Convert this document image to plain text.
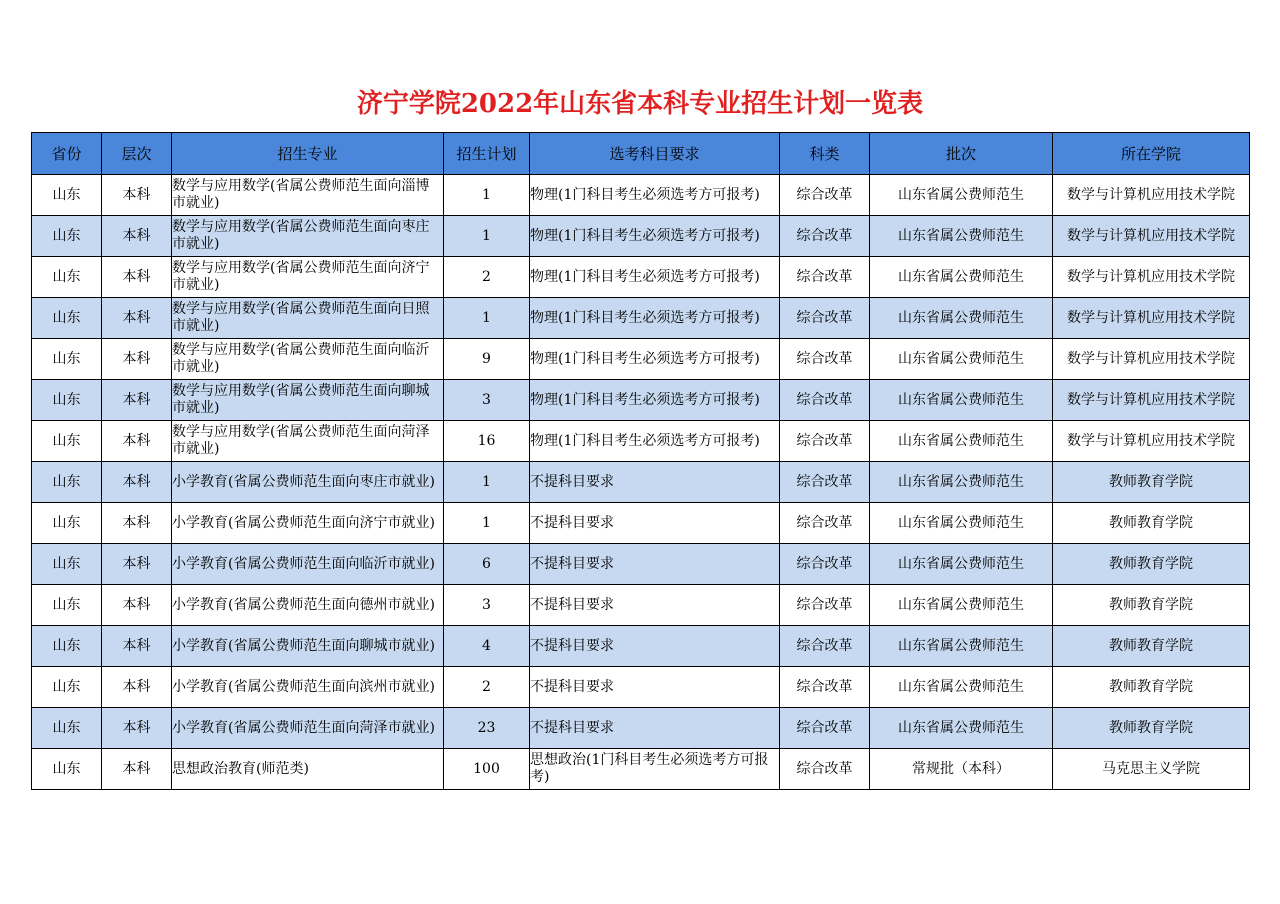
济宁学院2022年山东省本科专业招生计划一览表
省份	层次	招生专业	招生计划	选考科目要求	科类	批次	所在学院
山东	本科	数学与应用数学(省属公费师范生面向淄博市就业)	1	物理(1门科目考生必须选考方可报考)	综合改革	山东省属公费师范生	数学与计算机应用技术学院
山东	本科	数学与应用数学(省属公费师范生面向枣庄市就业)	1	物理(1门科目考生必须选考方可报考)	综合改革	山东省属公费师范生	数学与计算机应用技术学院
山东	本科	数学与应用数学(省属公费师范生面向济宁市就业)	2	物理(1门科目考生必须选考方可报考)	综合改革	山东省属公费师范生	数学与计算机应用技术学院
山东	本科	数学与应用数学(省属公费师范生面向日照市就业)	1	物理(1门科目考生必须选考方可报考)	综合改革	山东省属公费师范生	数学与计算机应用技术学院
山东	本科	数学与应用数学(省属公费师范生面向临沂市就业)	9	物理(1门科目考生必须选考方可报考)	综合改革	山东省属公费师范生	数学与计算机应用技术学院
山东	本科	数学与应用数学(省属公费师范生面向聊城市就业)	3	物理(1门科目考生必须选考方可报考)	综合改革	山东省属公费师范生	数学与计算机应用技术学院
山东	本科	数学与应用数学(省属公费师范生面向菏泽市就业)	16	物理(1门科目考生必须选考方可报考)	综合改革	山东省属公费师范生	数学与计算机应用技术学院
山东	本科	小学教育(省属公费师范生面向枣庄市就业)	1	不提科目要求	综合改革	山东省属公费师范生	教师教育学院
山东	本科	小学教育(省属公费师范生面向济宁市就业)	1	不提科目要求	综合改革	山东省属公费师范生	教师教育学院
山东	本科	小学教育(省属公费师范生面向临沂市就业)	6	不提科目要求	综合改革	山东省属公费师范生	教师教育学院
山东	本科	小学教育(省属公费师范生面向德州市就业)	3	不提科目要求	综合改革	山东省属公费师范生	教师教育学院
山东	本科	小学教育(省属公费师范生面向聊城市就业)	4	不提科目要求	综合改革	山东省属公费师范生	教师教育学院
山东	本科	小学教育(省属公费师范生面向滨州市就业)	2	不提科目要求	综合改革	山东省属公费师范生	教师教育学院
山东	本科	小学教育(省属公费师范生面向菏泽市就业)	23	不提科目要求	综合改革	山东省属公费师范生	教师教育学院
山东	本科	思想政治教育(师范类)	100	思想政治(1门科目考生必须选考方可报考)	综合改革	常规批（本科）	马克思主义学院
